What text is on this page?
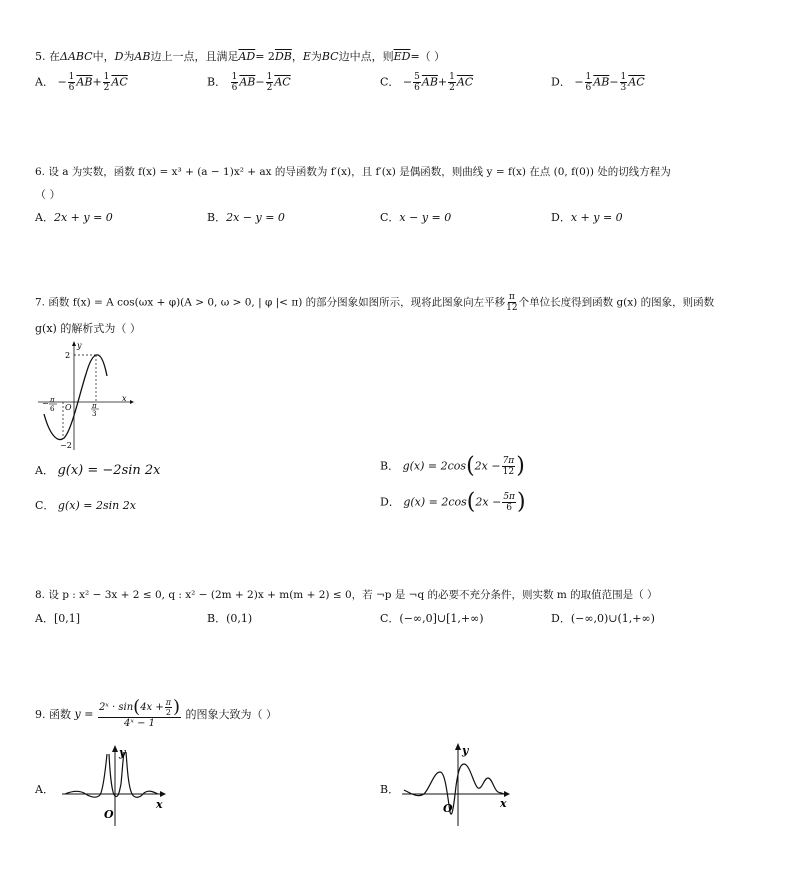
5. 在ΔABC中，D为AB边上一点，且满足$\overline{AD}= 2\overline{DB}$，E为BC边中点，则$\overline{ED}=$（ ）
A． − $\frac{1}{6} \overline{AB}+ \frac{1}{2} \overline{AC}$	B． $\frac{1}{6} \overline{AB}- \frac{1}{2} \overline{AC}$	C． − $\frac{5}{6} \overline{AB}+ \frac{1}{2} \overline{AC}$	D． − $\frac{1}{6} \overline{AB}- \frac{1}{3} \overline{AC}$
6. 设 a 为实数，函数 f(x) = x³ + (a − 1)x² + ax 的导函数为 f′(x)，且 f′(x) 是偶函数，则曲线 y = f(x) 在点 (0, f(0)) 处的切线方程为
（ ）
A．2x + y = 0	B．2x − y = 0	C．x − y = 0	D．x + y = 0
7. 函数 f(x) = A cos(ωx + φ)(A > 0, ω > 0, | φ |< π) 的部分图象如图所示，现将此图象向左平移 $\frac{\pi}{12}$ 个单位长度得到函数 g(x) 的图象，则函数
g(x) 的解析式为（ ）
y
x
2
−2
O
− π
6	π
3
A． g(x) = −2sin 2x	B． $g(x) = 2\cos(2x - \frac{7\pi}{12}$ )
C． g(x) = 2sin 2x	D． $g(x) = 2\cos(2x - \frac{5\pi}{6}$ )
8. 设 p : x² − 3x + 2 ≤ 0, q : x² − (2m + 2)x + m(m + 2) ≤ 0，若 ¬p 是 ¬q 的必要不充分条件，则实数 m 的取值范围是（ ）
A．[0,1]	B．(0,1)	C．(−∞,0]∪[1,+∞)	D．(−∞,0)∪(1,+∞)
9. 函数 $y = \frac{2ˣ \cdot \sin(4x + \frac{\pi}{2} )}{\text{4ˣ − 1}}$ 的图象大致为（ ）
A．
y
x
O
B．
y
x
O
